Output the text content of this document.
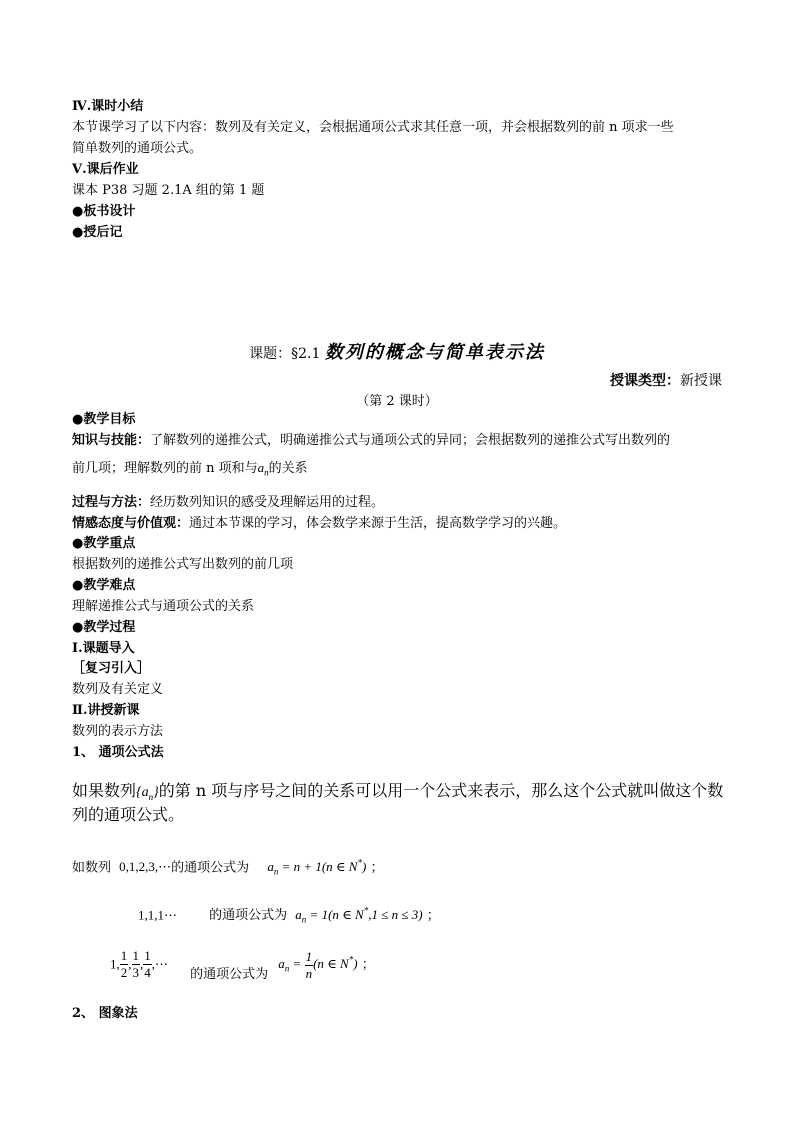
Ⅳ.课时小结
本节课学习了以下内容：数列及有关定义，会根据通项公式求其任意一项，并会根据数列的前 n 项求一些
简单数列的通项公式。
Ⅴ.课后作业
课本 P38 习题 2.1A 组的第 1 题
●板书设计
●授后记
课题：§2.1 数列的概念与简单表示法
授课类型：新授课
（第 2 课时）
●教学目标
知识与技能：了解数列的递推公式，明确递推公式与通项公式的异同；会根据数列的递推公式写出数列的
前几项；理解数列的前 n 项和与$a_n$的关系
过程与方法：经历数列知识的感受及理解运用的过程。
情感态度与价值观：通过本节课的学习，体会数学来源于生活，提高数学学习的兴趣。
●教学重点
根据数列的递推公式写出数列的前几项
●教学难点
理解递推公式与通项公式的关系
●教学过程
Ⅰ.课题导入
［复习引入］
数列及有关定义
Ⅱ.讲授新课
数列的表示方法
1、 通项公式法
如果数列$\{a_n\}$的第 n 项与序号之间的关系可以用一个公式来表示，那么这个公式就叫做这个数
列的通项公式。
如数列 0,1,2,3,⋯的通项公式为 $a_n = n + 1(n$ ∈ N*) ；
1,1,1⋯ 的通项公式为 $a_n = 1(n$ ∈ N*,1 ≤ n ≤ 3) ；
1, $\frac{1}{2}$ , $\frac{1}{3}$ , $\frac{1}{4}$ ,⋯ 的通项公式为 $a_n = \frac{1}{n} (n$ ∈ N*) ；
2、 图象法
